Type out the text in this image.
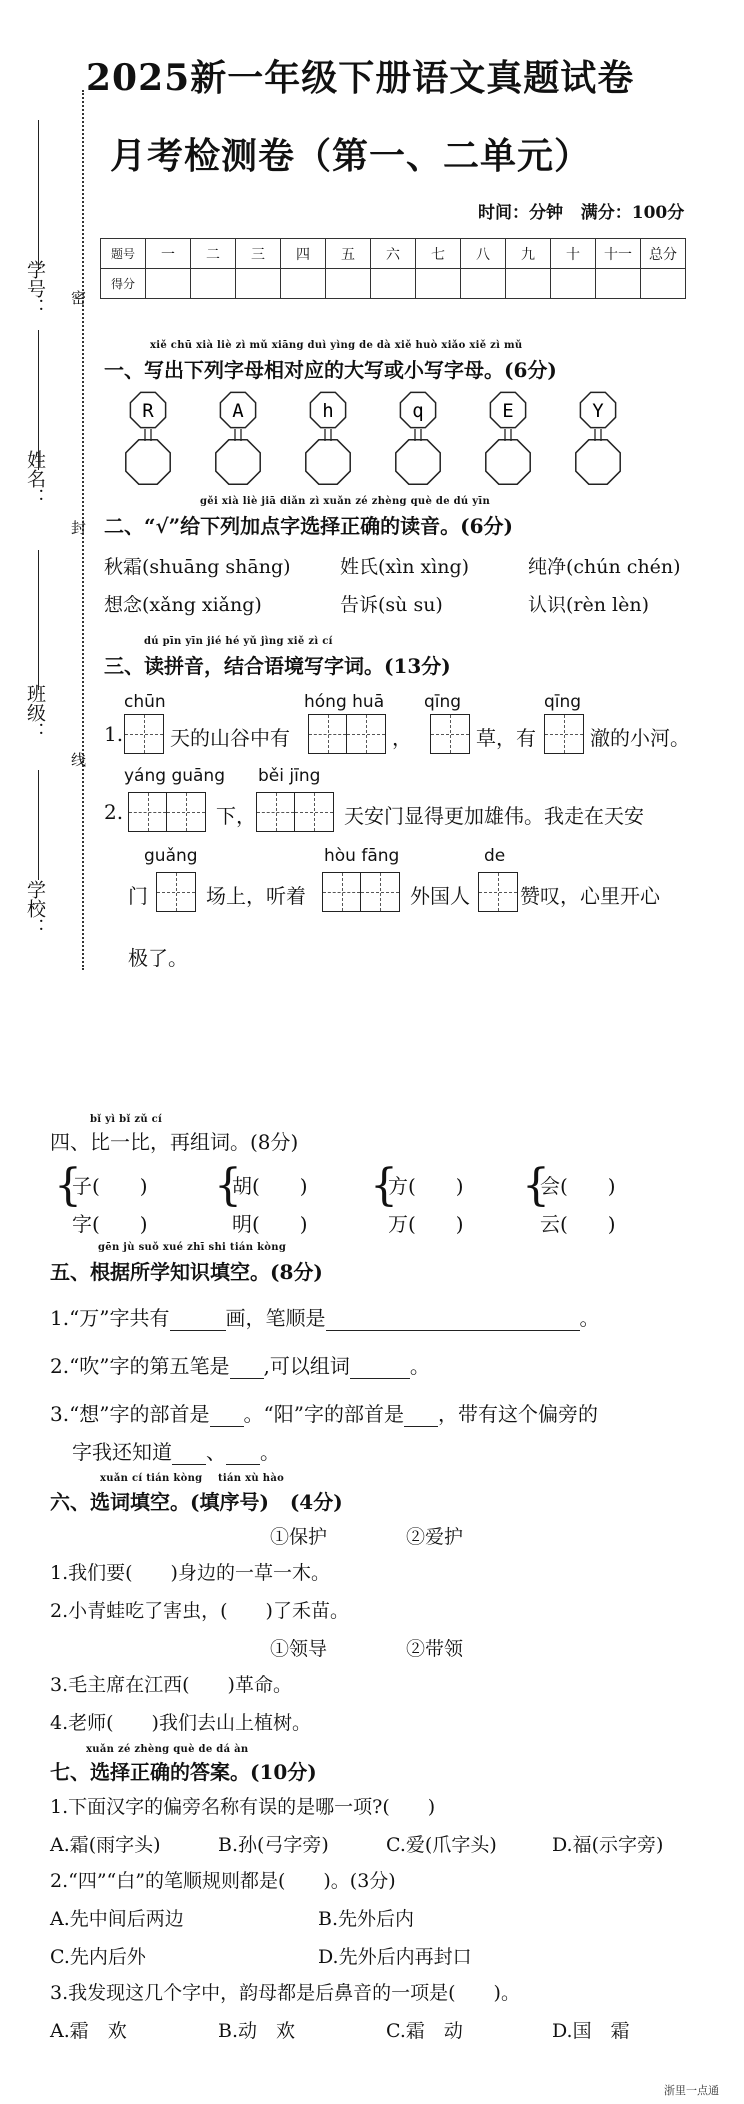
2025新一年级下册语文真题试卷
月考检测卷（第一、二单元）
时间：分钟 满分：100分
学号： 密
姓名：
封
班级：
线
学校：
题号	一	二	三	四	五	六	七	八	九	十	十一	总分
得分												
xiě chū xià liè zì mǔ xiāng duì yìng de dà xiě huò xiǎo xiě zì mǔ
一、写出下列字母相对应的大写或小写字母。(6分)
R	A	h	q	E	Y
gěi xià liè jiā diǎn zì xuǎn zé zhèng què de dú yīn
二、“√”给下列加点字选择正确的读音。(6分)
秋霜(shuāng shāng)	姓氏(xìn xìng)	纯净(chún chén)
想念(xǎng xiǎng)	告诉(sù su)	认识(rèn lèn)
dú pīn yīn jié hé yǔ jìng xiě zì cí
三、读拼音，结合语境写字词。(13分)
chūn	hóng huā qīng	qīng
1. 天的山谷中有	，	草，有	澈的小河。
yáng guāng běi jīng
2.	下，	天安门显得更加雄伟。我走在天安
guǎng	hòu fāng	de
门	场上，听着	外国人	赞叹，心里开心
极了。
bǐ yì bǐ zǔ cí
四、比一比，再组词。(8分)
{
子(　　)
字(　　)
{
胡(　　)
明(　　)
{
方(　　)
万(　　)
{
会(　　)
云(　　)
gēn jù suǒ xué zhī shi tián kòng
五、根据所学知识填空。(8分)
1.“万”字共有	画，笔顺是	。
2.“吹”字的第五笔是 ,可以组词	。
3.“想”字的部首是 。“阳”字的部首是 ，带有这个偏旁的
字我还知道 、 。
xuǎn cí tián kòng tián xù hào
六、选词填空。(填序号) (4分)
①保护	②爱护
1.我们要(　　)身边的一草一木。
2.小青蛙吃了害虫，(　　)了禾苗。
①领导	②带领
3.毛主席在江西(　　)革命。
4.老师(　　)我们去山上植树。
xuǎn zé zhèng què de dá àn
七、选择正确的答案。(10分)
1.下面汉字的偏旁名称有误的是哪一项?(　　)
A.霜(雨字头)	B.孙(弓字旁)	C.爱(爪字头)	D.福(示字旁)
2.“四”“白”的笔顺规则都是(　　)。(3分)
A.先中间后两边	B.先外后内
C.先内后外	D.先外后内再封口
3.我发现这几个字中，韵母都是后鼻音的一项是(　　)。
A.霜　欢	B.动　欢	C.霜　动	D.国　霜
浙里一点通
